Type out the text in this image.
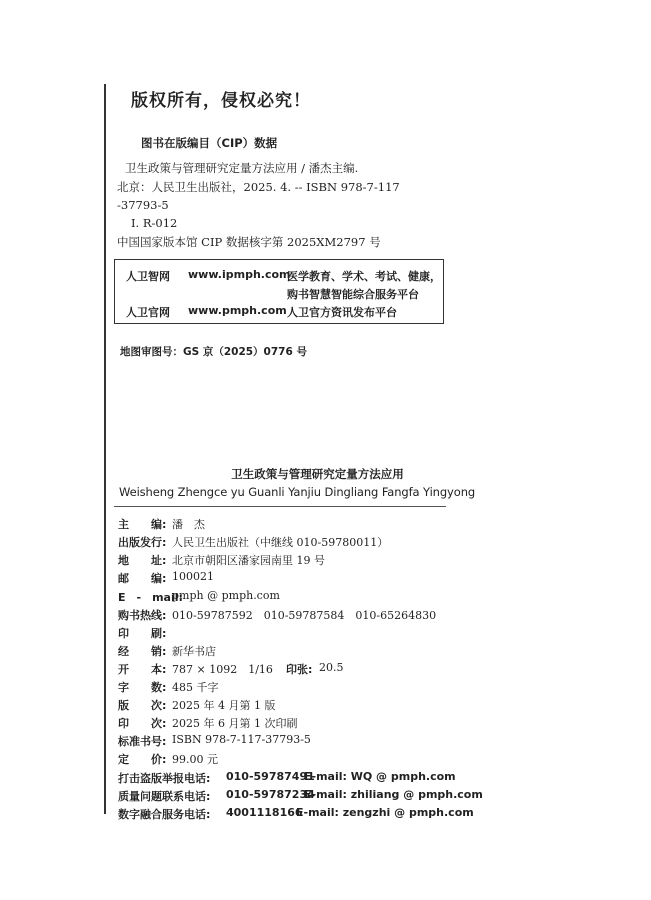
版权所有，侵权必究！
图书在版编目（CIP）数据
卫生政策与管理研究定量方法应用 / 潘杰主编.
北京：人民卫生出版社，2025. 4. -- ISBN 978-7-117
-37793-5
Ⅰ. R-012
中国国家版本馆 CIP 数据核字第 2025XM2797 号
人卫智网 www.ipmph.com
医学教育、学术、考试、健康，
购书智慧智能综合服务平台
人卫官网 www.pmph.com 人卫官方资讯发布平台
地图审图号：GS 京（2025）0776 号
卫生政策与管理研究定量方法应用
Weisheng Zhengce yu Guanli Yanjiu Dingliang Fangfa Yingyong
主　　编: 潘　杰
出版发行: 人民卫生出版社（中继线 010-59780011）
地　　址: 北京市朝阳区潘家园南里 19 号
邮　　编: 100021
E　-　mail:
pmph @ pmph.com
购书热线: 010-59787592　010-59787584　010-65264830
印　　刷:
经　　销: 新华书店
开　　本: 787 × 1092　1/16 印张: 20.5
字　　数: 485 千字
版　　次: 2025 年 4 月第 1 版
印　　次: 2025 年 6 月第 1 次印刷
标准书号: ISBN 978-7-117-37793-5
定　　价: 99.00 元
打击盗版举报电话: 010-59787491
E-mail: WQ @ pmph.com
质量问题联系电话: 010-59787234
E-mail: zhiliang @ pmph.com
数字融合服务电话: 4001118166
E-mail: zengzhi @ pmph.com
